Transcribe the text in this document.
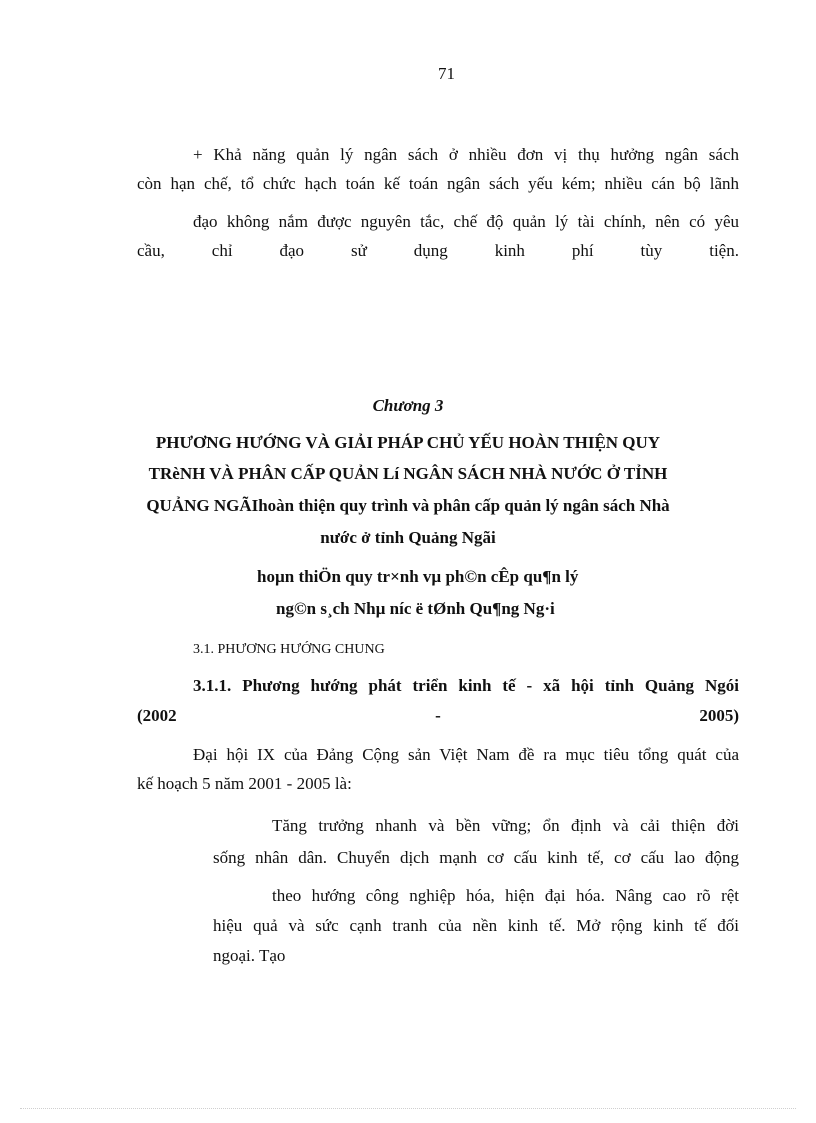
71
+ Khả năng quản lý ngân sách ở nhiều đơn vị thụ hưởng ngân sách
còn hạn chế, tổ chức hạch toán kế toán ngân sách yếu kém; nhiều cán bộ lãnh
đạo không nắm được nguyên tắc, chế độ quản lý tài chính, nên có yêu
cầu,	chỉ	đạo	sử	dụng	kinh	phí	tùy	tiện.
Chương 3
PHƯƠNG HƯỚNG VÀ GIẢI PHÁP CHỦ YẾU HOÀN THIỆN QUY
TRèNH VÀ PHÂN CẤP QUẢN Lí NGÂN SÁCH NHÀ NƯỚC Ở TỈNH
QUẢNG NGÃIhoàn thiện quy trình và phân cấp quản lý ngân sách Nhà
nước ở tỉnh Quảng Ngãi
hoµn thiÖn quy tr×nh vµ ph©n cÊp qu¶n lý
ng©n s¸ch Nhµ níc ë tØnh Qu¶ng Ng·i
3.1. PHƯƠNG HƯỚNG CHUNG
3.1.1. Phương hướng phát triển kinh tế - xã hội tỉnh Quảng Ngói
(2002	-	2005)
Đại hội IX của Đảng Cộng sản Việt Nam đề ra mục tiêu tổng quát của
kế hoạch 5 năm 2001 - 2005 là:
Tăng trưởng nhanh và bền vững; ổn định và cải thiện đời
sống nhân dân. Chuyển dịch mạnh cơ cấu kinh tế, cơ cấu lao động
theo hướng công nghiệp hóa, hiện đại hóa. Nâng cao rõ rệt
hiệu quả và sức cạnh tranh của nền kinh tế. Mở rộng kinh tế đối
ngoại. Tạo
